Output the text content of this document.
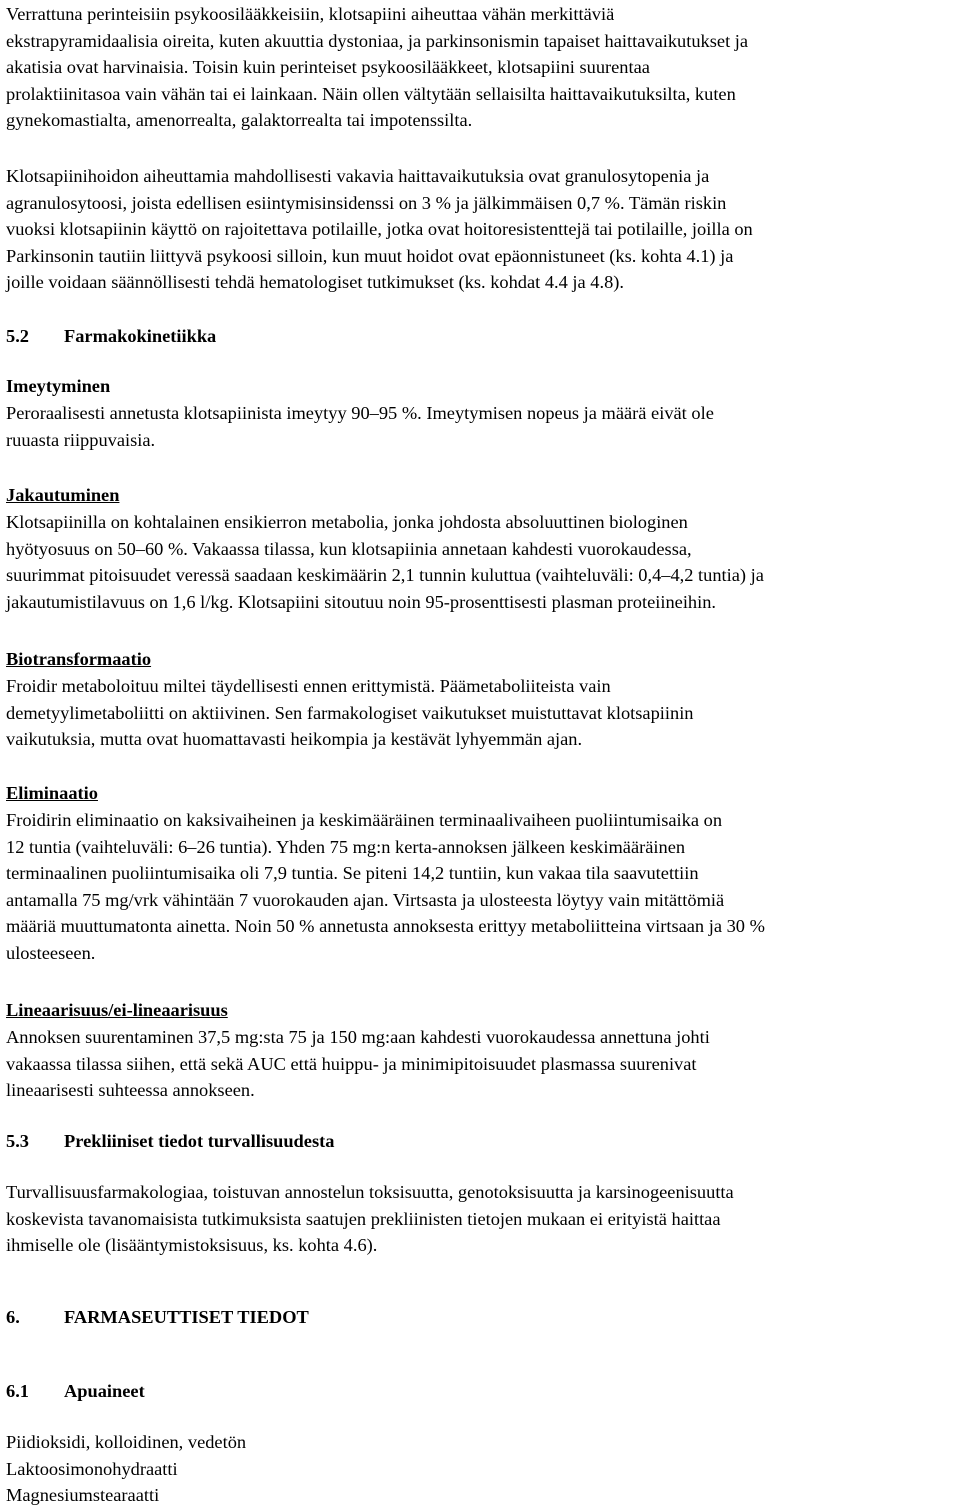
Verrattuna perinteisiin psykoosilääkkeisiin, klotsapiini aiheuttaa vähän merkittäviä
ekstrapyramidaalisia oireita, kuten akuuttia dystoniaa, ja parkinsonismin tapaiset haittavaikutukset ja
akatisia ovat harvinaisia. Toisin kuin perinteiset psykoosilääkkeet, klotsapiini suurentaa
prolaktiinitasoa vain vähän tai ei lainkaan. Näin ollen vältytään sellaisilta haittavaikutuksilta, kuten
gynekomastialta, amenorrealta, galaktorrealta tai impotenssilta.
Klotsapiinihoidon aiheuttamia mahdollisesti vakavia haittavaikutuksia ovat granulosytopenia ja
agranulosytoosi, joista edellisen esiintymisinsidenssi on 3 % ja jälkimmäisen 0,7 %. Tämän riskin
vuoksi klotsapiinin käyttö on rajoitettava potilaille, jotka ovat hoitoresistenttejä tai potilaille, joilla on
Parkinsonin tautiin liittyvä psykoosi silloin, kun muut hoidot ovat epäonnistuneet (ks. kohta 4.1) ja
joille voidaan säännöllisesti tehdä hematologiset tutkimukset (ks. kohdat 4.4 ja 4.8).
5.2 Farmakokinetiikka
Imeytyminen
Peroraalisesti annetusta klotsapiinista imeytyy 90–95 %. Imeytymisen nopeus ja määrä eivät ole
ruuasta riippuvaisia.
Jakautuminen
Klotsapiinilla on kohtalainen ensikierron metabolia, jonka johdosta absoluuttinen biologinen
hyötyosuus on 50–60 %. Vakaassa tilassa, kun klotsapiinia annetaan kahdesti vuorokaudessa,
suurimmat pitoisuudet veressä saadaan keskimäärin 2,1 tunnin kuluttua (vaihteluväli: 0,4–4,2 tuntia) ja
jakautumistilavuus on 1,6 l/kg. Klotsapiini sitoutuu noin 95-prosenttisesti plasman proteiineihin.
Biotransformaatio
Froidir metaboloituu miltei täydellisesti ennen erittymistä. Päämetaboliiteista vain
demetyylimetaboliitti on aktiivinen. Sen farmakologiset vaikutukset muistuttavat klotsapiinin
vaikutuksia, mutta ovat huomattavasti heikompia ja kestävät lyhyemmän ajan.
Eliminaatio
Froidirin eliminaatio on kaksivaiheinen ja keskimääräinen terminaalivaiheen puoliintumisaika on
12 tuntia (vaihteluväli: 6–26 tuntia). Yhden 75 mg:n kerta-annoksen jälkeen keskimääräinen
terminaalinen puoliintumisaika oli 7,9 tuntia. Se piteni 14,2 tuntiin, kun vakaa tila saavutettiin
antamalla 75 mg/vrk vähintään 7 vuorokauden ajan. Virtsasta ja ulosteesta löytyy vain mitättömiä
määriä muuttumatonta ainetta. Noin 50 % annetusta annoksesta erittyy metaboliitteina virtsaan ja 30 %
ulosteeseen.
Lineaarisuus/ei-lineaarisuus
Annoksen suurentaminen 37,5 mg:sta 75 ja 150 mg:aan kahdesti vuorokaudessa annettuna johti
vakaassa tilassa siihen, että sekä AUC että huippu- ja minimipitoisuudet plasmassa suurenivat
lineaarisesti suhteessa annokseen.
5.3 Prekliiniset tiedot turvallisuudesta
Turvallisuusfarmakologiaa, toistuvan annostelun toksisuutta, genotoksisuutta ja karsinogeenisuutta
koskevista tavanomaisista tutkimuksista saatujen prekliinisten tietojen mukaan ei erityistä haittaa
ihmiselle ole (lisääntymistoksisuus, ks. kohta 4.6).
6. FARMASEUTTISET TIEDOT
6.1 Apuaineet
Piidioksidi, kolloidinen, vedetön
Laktoosimonohydraatti
Magnesiumstearaatti
